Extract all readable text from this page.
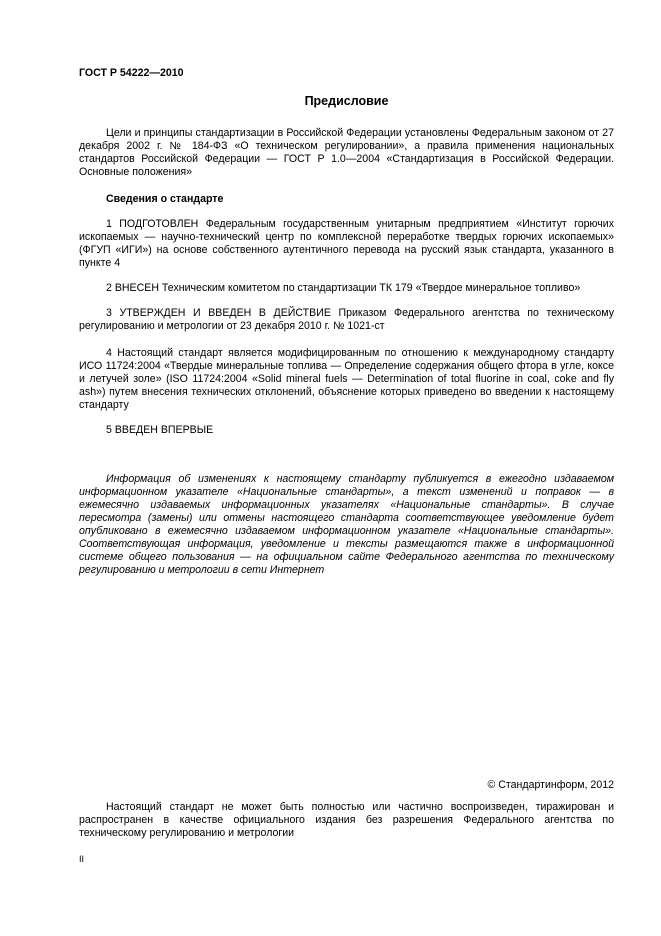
ГОСТ Р 54222—2010
Предисловие

Цели и принципы стандартизации в Российской Федерации установлены Федеральным законом от 27 декабря 2002 г. № 184-ФЗ «О техническом регулировании», а правила применения национальных стандартов Российской Федерации — ГОСТ Р 1.0—2004 «Стандартизация в Российской Федерации. Основные положения»

Сведения о стандарте

1 ПОДГОТОВЛЕН Федеральным государственным унитарным предприятием «Институт горючих ископаемых — научно-технический центр по комплексной переработке твердых горючих ископаемых» (ФГУП «ИГИ») на основе собственного аутентичного перевода на русский язык стандарта, указанного в пункте 4

2 ВНЕСЕН Техническим комитетом по стандартизации ТК 179 «Твердое минеральное топливо»

3 УТВЕРЖДЕН И ВВЕДЕН В ДЕЙСТВИЕ Приказом Федерального агентства по техническому регулированию и метрологии от 23 декабря 2010 г. № 1021-ст

4 Настоящий стандарт является модифицированным по отношению к международному стандарту ИСО 11724:2004 «Твердые минеральные топлива — Определение содержания общего фтора в угле, коксе и летучей золе» (ISO 11724:2004 «Solid mineral fuels — Determination of total fluorine in coal, coke and fly ash») путем внесения технических отклонений, объяснение которых приведено во введении к настоящему стандарту

5 ВВЕДЕН ВПЕРВЫЕ

Информация об изменениях к настоящему стандарту публикуется в ежегодно издаваемом информационном указателе «Национальные стандарты», а текст изменений и поправок — в ежемесячно издаваемых информационных указателях «Национальные стандарты». В случае пересмотра (замены) или отмены настоящего стандарта соответствующее уведомление будет опубликовано в ежемесячно издаваемом информационном указателе «Национальные стандарты». Соответствующая информация, уведомление и тексты размещаются также в информационной системе общего пользования — на официальном сайте Федерального агентства по техническому регулированию и метрологии в сети Интернет

© Стандартинформ, 2012

Настоящий стандарт не может быть полностью или частично воспроизведен, тиражирован и распространен в качестве официального издания без разрешения Федерального агентства по техническому регулированию и метрологии

II
